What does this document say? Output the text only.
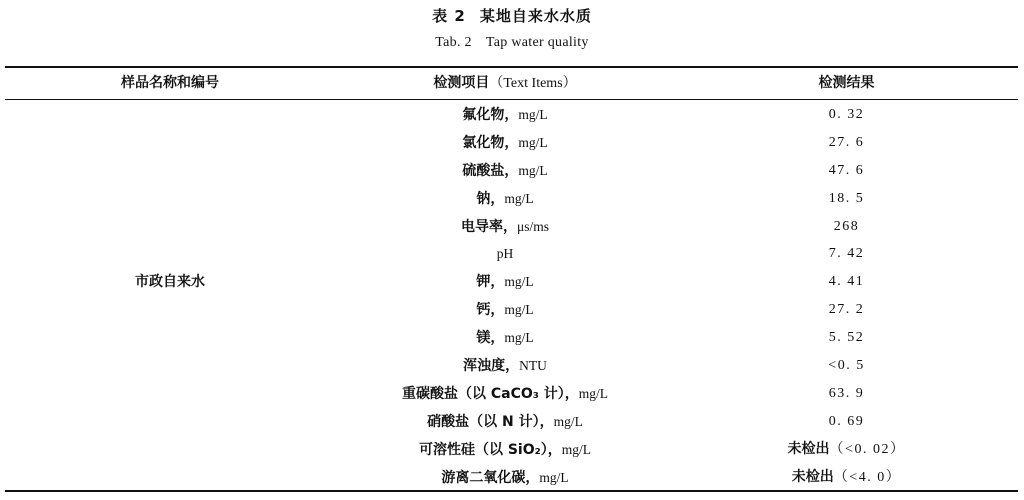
表 2 某地自来水水质
Tab. 2 Tap water quality
样品名称和编号	检测项目（Text Items）	检测结果
市政自来水
氟化物，mg/L	0. 32
氯化物，mg/L	27. 6
硫酸盐，mg/L	47. 6
钠，mg/L	18. 5
电导率，μs/ms	268
pH	7. 42
钾，mg/L	4. 41
钙，mg/L	27. 2
镁，mg/L	5. 52
浑浊度，NTU	<0. 5
重碳酸盐（以 CaCO₃ 计），mg/L	63. 9
硝酸盐（以 N 计），mg/L	0. 69
可溶性硅（以 SiO₂），mg/L	未检出（<0. 02）
游离二氧化碳，mg/L	未检出（<4. 0）
